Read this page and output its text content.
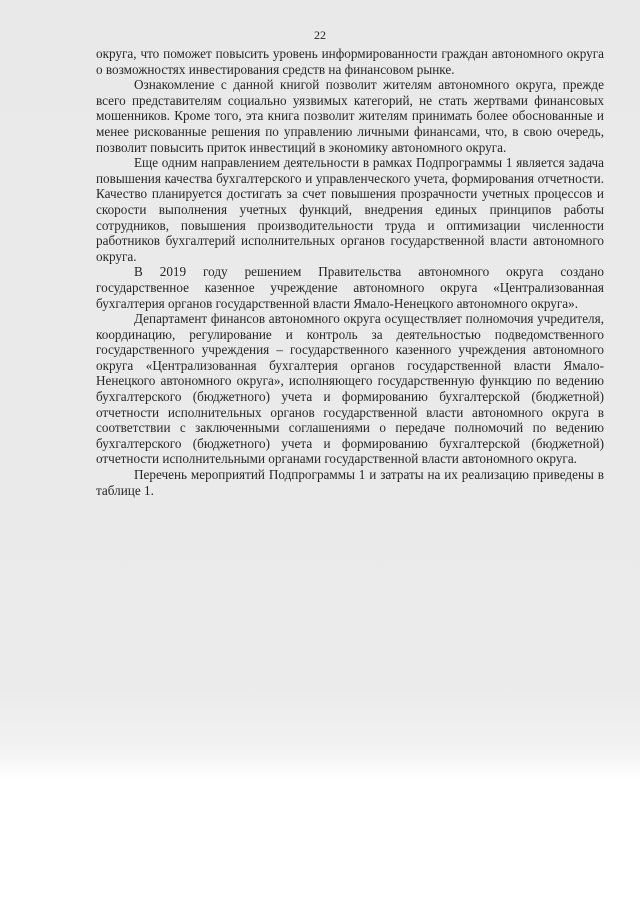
22

округа, что поможет повысить уровень информированности граждан автономного округа о возможностях инвестирования средств на финансовом рынке.

Ознакомление с данной книгой позволит жителям автономного округа, прежде всего представителям социально уязвимых категорий, не стать жертвами финансовых мошенников. Кроме того, эта книга позволит жителям принимать более обоснованные и менее рискованные решения по управлению личными финансами, что, в свою очередь, позволит повысить приток инвестиций в экономику автономного округа.

Еще одним направлением деятельности в рамках Подпрограммы 1 является задача повышения качества бухгалтерского и управленческого учета, формирования отчетности. Качество планируется достигать за счет повышения прозрачности учетных процессов и скорости выполнения учетных функций, внедрения единых принципов работы сотрудников, повышения производительности труда и оптимизации численности работников бухгалтерий исполнительных органов государственной власти автономного округа.

В 2019 году решением Правительства автономного округа создано государственное казенное учреждение автономного округа «Централизованная бухгалтерия органов государственной власти Ямало-Ненецкого автономного округа».

Департамент финансов автономного округа осуществляет полномочия учредителя, координацию, регулирование и контроль за деятельностью подведомственного государственного учреждения – государственного казенного учреждения автономного округа «Централизованная бухгалтерия органов государственной власти Ямало-Ненецкого автономного округа», исполняющего государственную функцию по ведению бухгалтерского (бюджетного) учета и формированию бухгалтерской (бюджетной) отчетности исполнительных органов государственной власти автономного округа в соответствии с заключенными соглашениями о передаче полномочий по ведению бухгалтерского (бюджетного) учета и формированию бухгалтерской (бюджетной) отчетности исполнительными органами государственной власти автономного округа.

Перечень мероприятий Подпрограммы 1 и затраты на их реализацию приведены в таблице 1.
